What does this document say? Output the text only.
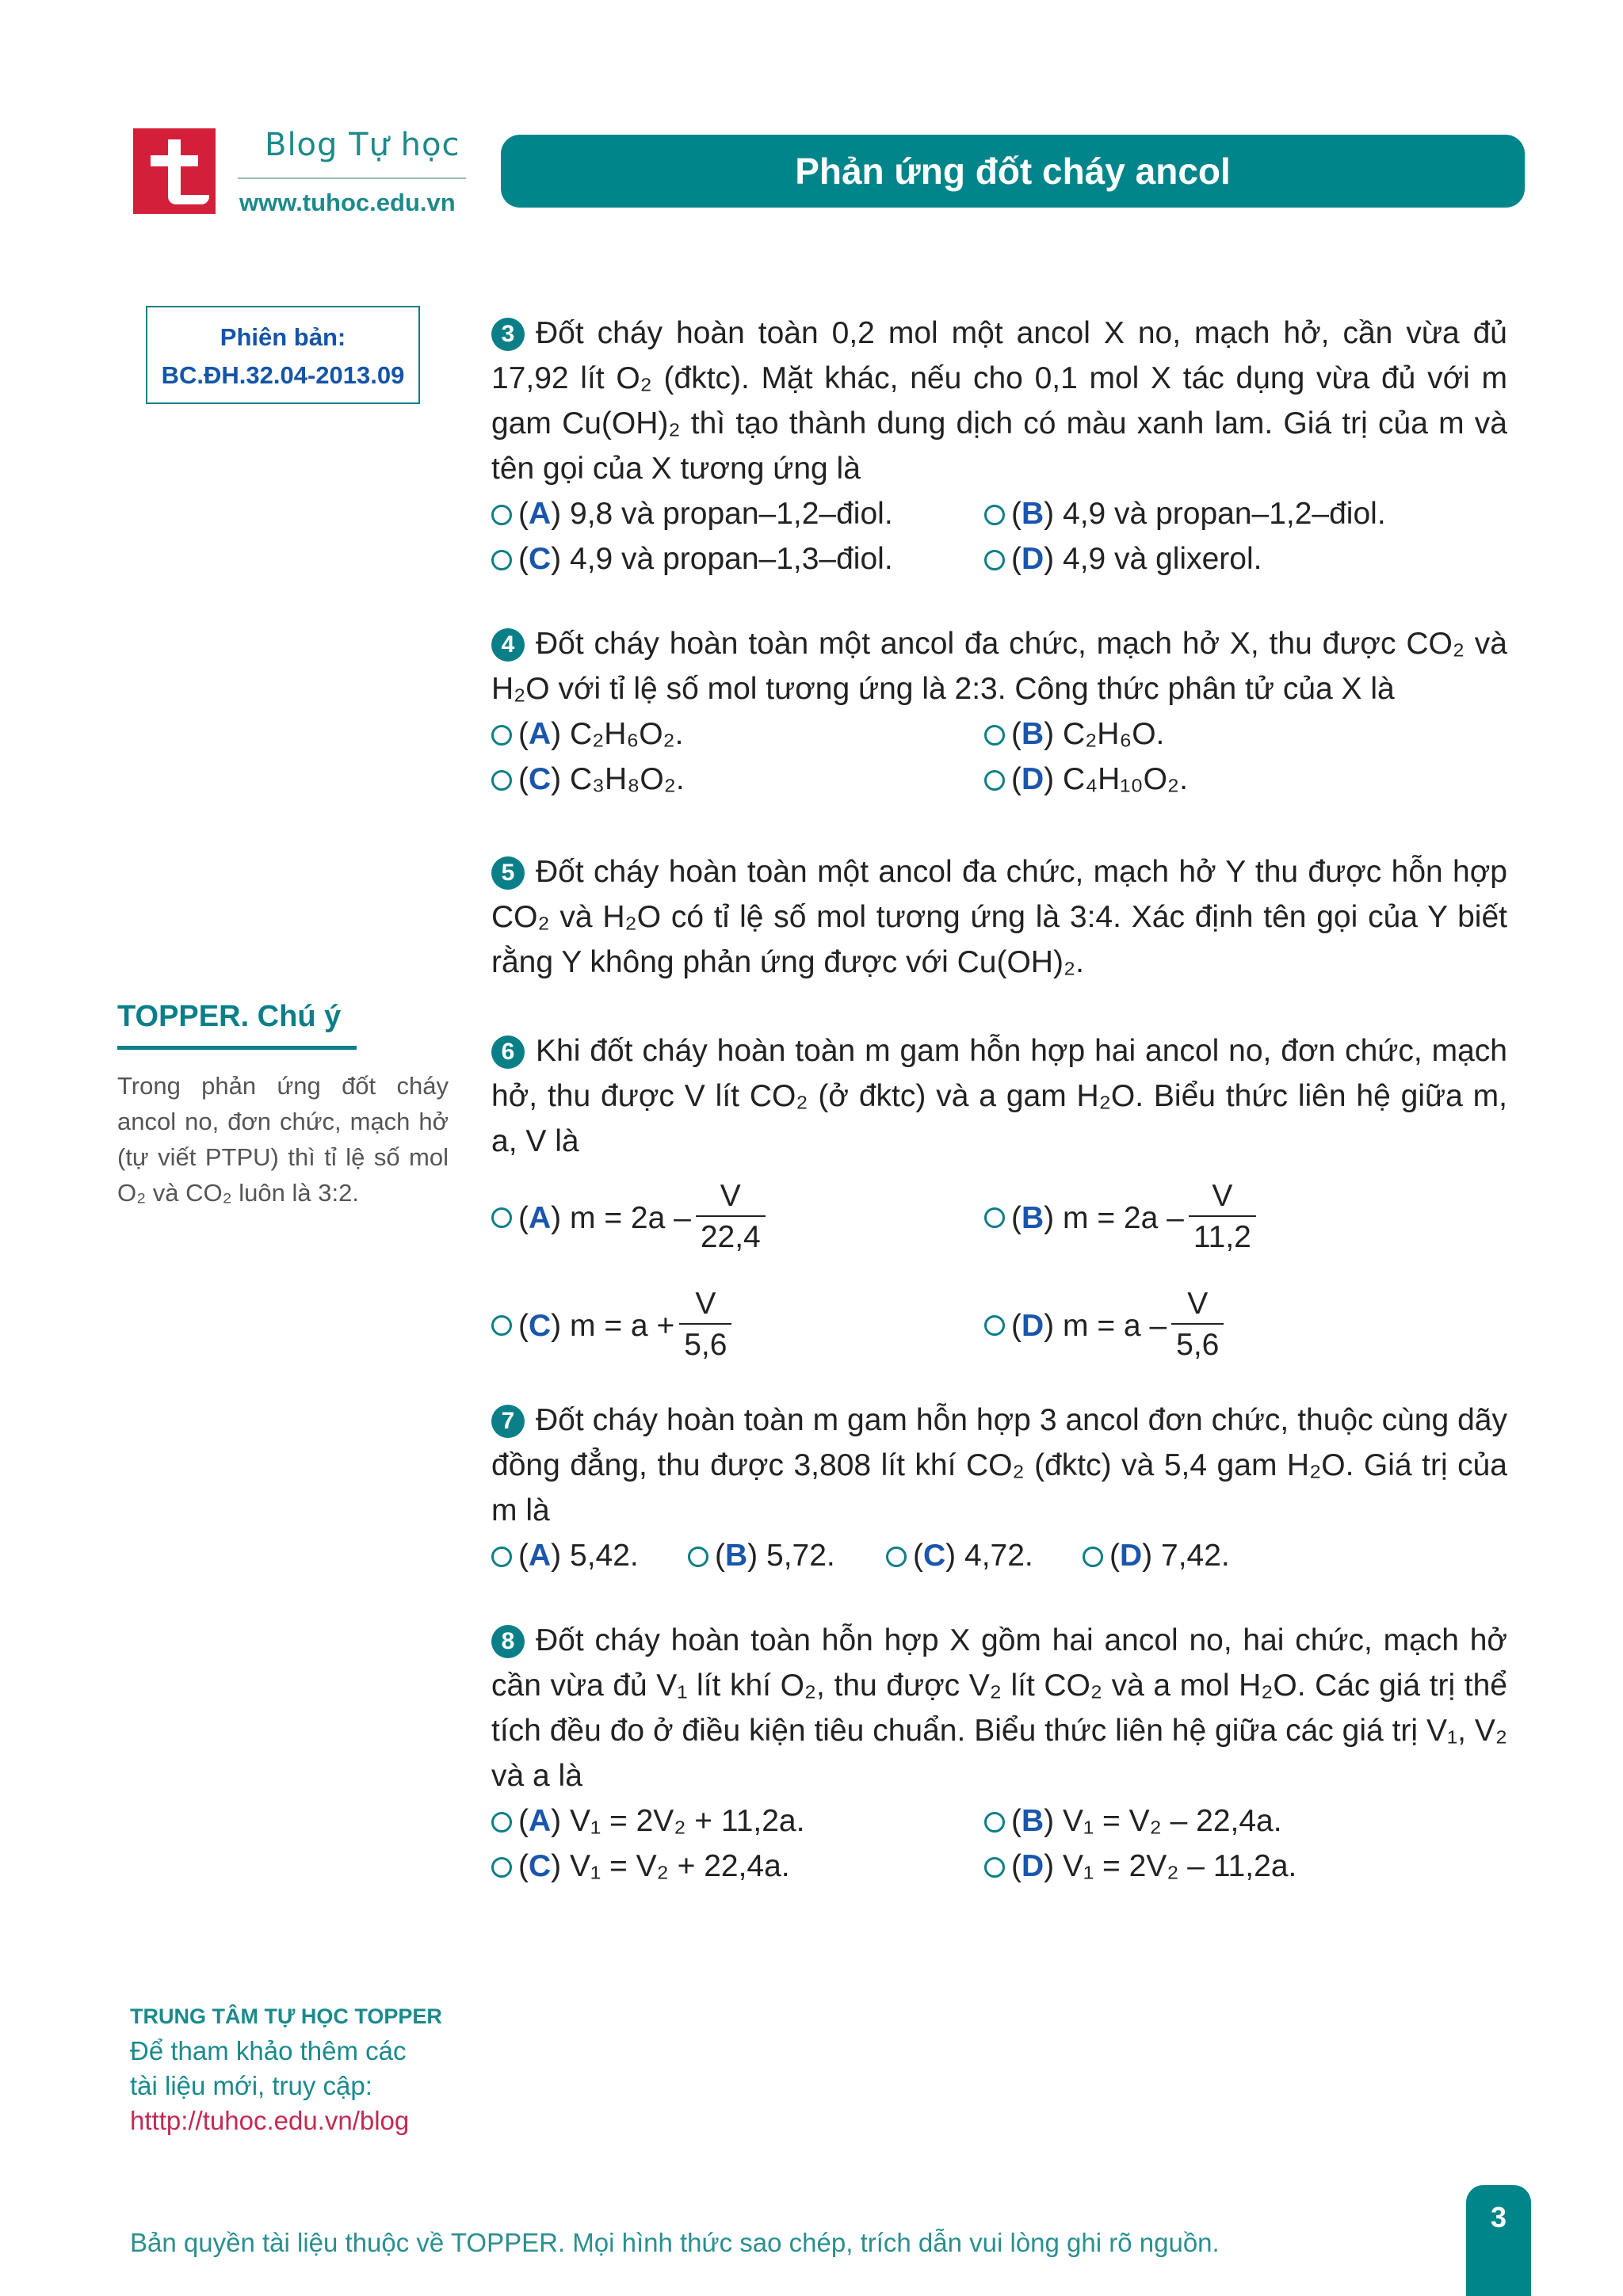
Blog Tự học
www.tuhoc.edu.vn
Phản ứng đốt cháy ancol
Phiên bản:
BC.ĐH.32.04-2013.09
TOPPER. Chú ý
Trong phản ứng đốt cháy ancol no, đơn chức, mạch hở (tự viết PTPU) thì tỉ lệ số mol O₂ và CO₂ luôn là 3:2.
3 Đốt cháy hoàn toàn 0,2 mol một ancol X no, mạch hở, cần vừa đủ 17,92 lít O₂ (đktc). Mặt khác, nếu cho 0,1 mol X tác dụng vừa đủ với m gam Cu(OH)₂ thì tạo thành dung dịch có màu xanh lam. Giá trị của m và tên gọi của X tương ứng là
(A) 9,8 và propan–1,2–điol.	(B) 4,9 và propan–1,2–điol.
(C) 4,9 và propan–1,3–điol.	(D) 4,9 và glixerol.
4 Đốt cháy hoàn toàn một ancol đa chức, mạch hở X, thu được CO₂ và H₂O với tỉ lệ số mol tương ứng là 2:3. Công thức phân tử của X là
(A) C₂H₆O₂.	(B) C₂H₆O.
(C) C₃H₈O₂.	(D) C₄H₁₀O₂.
5 Đốt cháy hoàn toàn một ancol đa chức, mạch hở Y thu được hỗn hợp CO₂ và H₂O có tỉ lệ số mol tương ứng là 3:4. Xác định tên gọi của Y biết rằng Y không phản ứng được với Cu(OH)₂.
6 Khi đốt cháy hoàn toàn m gam hỗn hợp hai ancol no, đơn chức, mạch hở, thu được V lít CO₂ (ở đktc) và a gam H₂O. Biểu thức liên hệ giữa m, a, V là
( A ) $m = 2a - \frac{V}{22,4}$	( B ) $m = 2a - \frac{V}{11,2}$
( C ) $m = a + \frac{V}{5,6}$	( D ) $m = a - \frac{V}{5,6}$
7 Đốt cháy hoàn toàn m gam hỗn hợp 3 ancol đơn chức, thuộc cùng dãy đồng đẳng, thu được 3,808 lít khí CO₂ (đktc) và 5,4 gam H₂O. Giá trị của m là
(A) 5,42.	(B) 5,72.	(C) 4,72.	(D) 7,42.
8 Đốt cháy hoàn toàn hỗn hợp X gồm hai ancol no, hai chức, mạch hở cần vừa đủ V₁ lít khí O₂, thu được V₂ lít CO₂ và a mol H₂O. Các giá trị thể tích đều đo ở điều kiện tiêu chuẩn. Biểu thức liên hệ giữa các giá trị V₁, V₂ và a là
(A) V₁ = 2V₂ + 11,2a.	(B) V₁ = V₂ – 22,4a.
(C) V₁ = V₂ + 22,4a.	(D) V₁ = 2V₂ – 11,2a.
TRUNG TÂM TỰ HỌC TOPPER
Để tham khảo thêm các
tài liệu mới, truy cập:
htttp://tuhoc.edu.vn/blog
Bản quyền tài liệu thuộc về TOPPER. Mọi hình thức sao chép, trích dẫn vui lòng ghi rõ nguồn.
3
